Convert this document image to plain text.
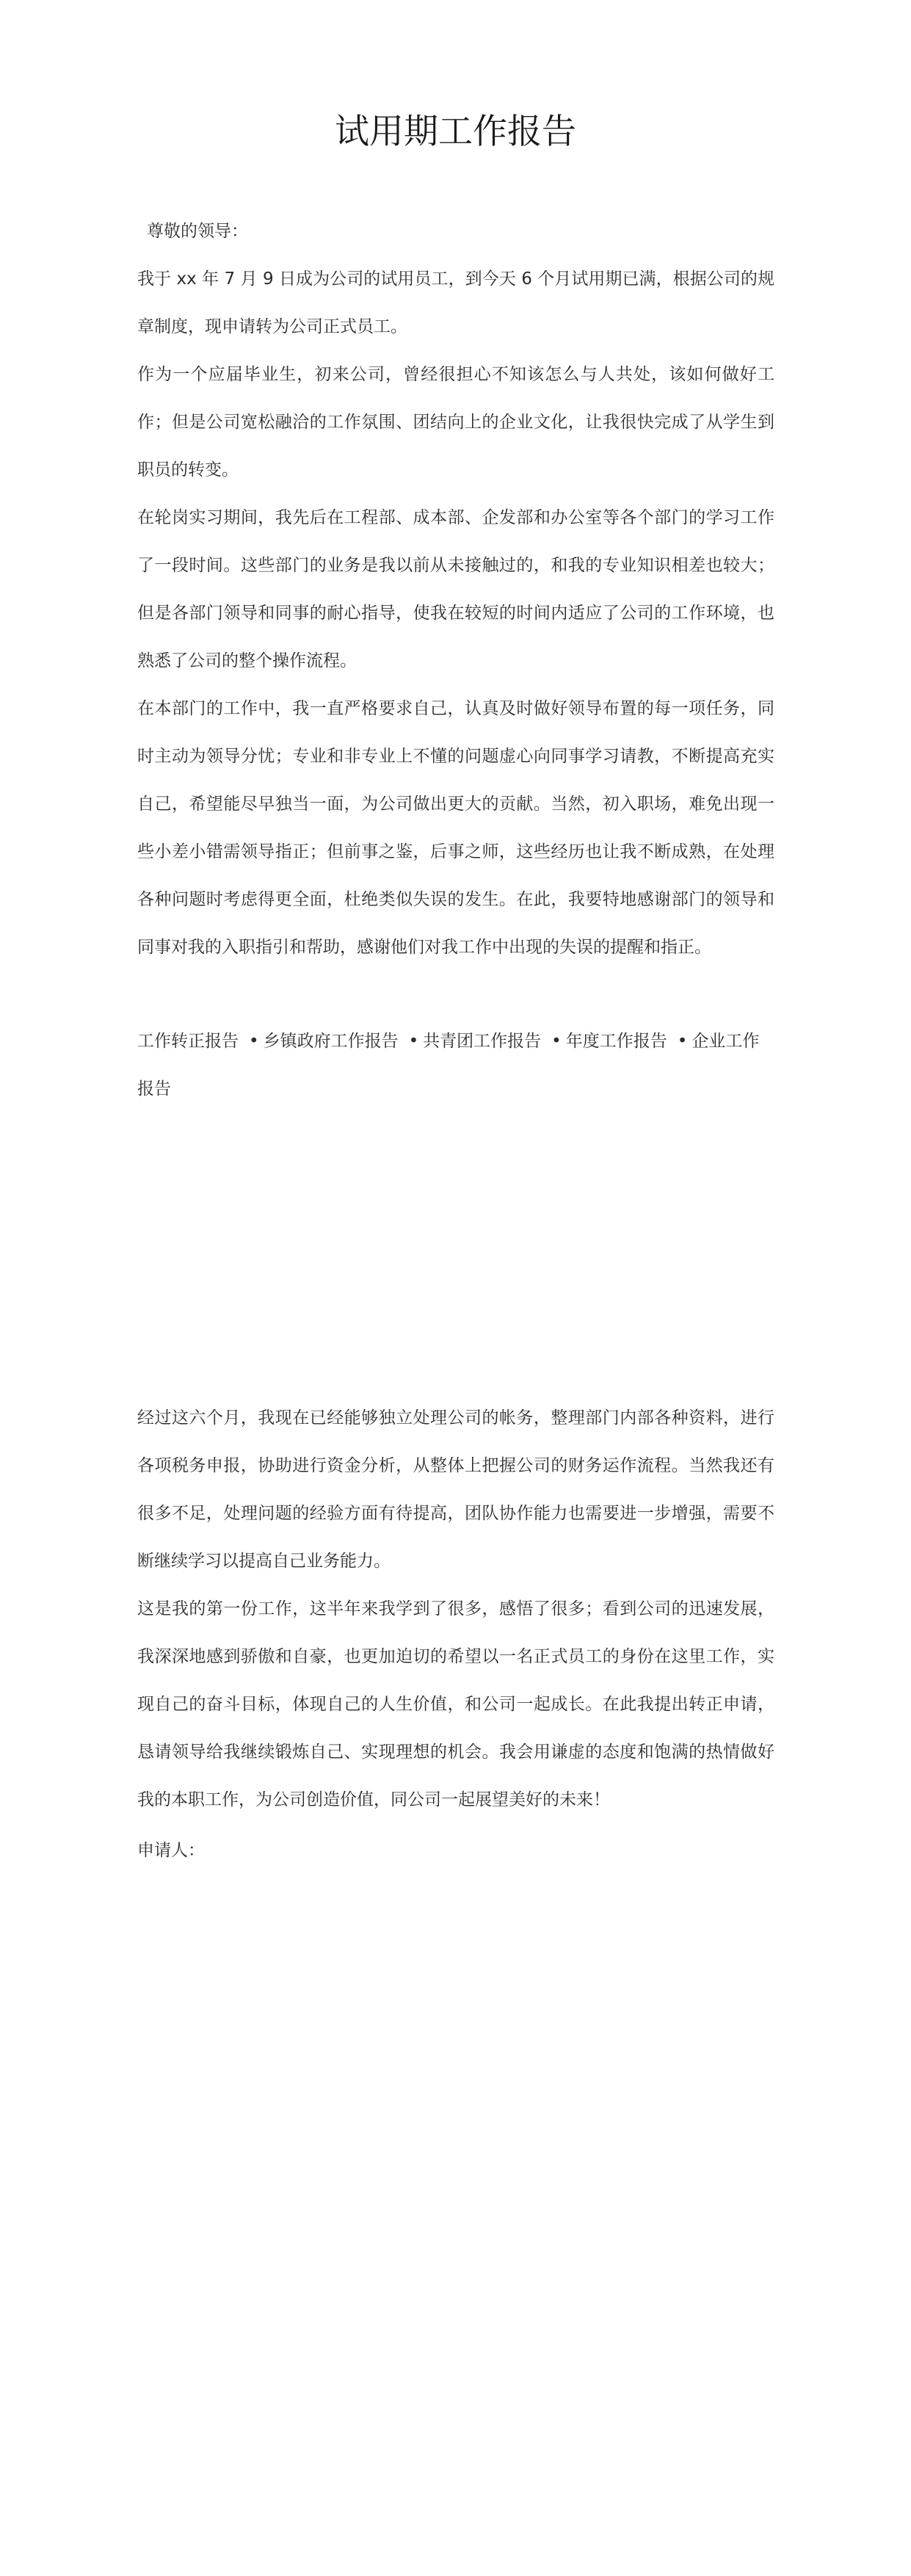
试用期工作报告
尊敬的领导：

我于 xx 年 7 月 9 日成为公司的试用员工，到今天 6 个月试用期已满，根据公司的规章制度，现申请转为公司正式员工。

作为一个应届毕业生，初来公司，曾经很担心不知该怎么与人共处，该如何做好工作；但是公司宽松融洽的工作氛围、团结向上的企业文化，让我很快完成了从学生到职员的转变。

在轮岗实习期间，我先后在工程部、成本部、企发部和办公室等各个部门的学习工作了一段时间。这些部门的业务是我以前从未接触过的，和我的专业知识相差也较大；但是各部门领导和同事的耐心指导，使我在较短的时间内适应了公司的工作环境，也熟悉了公司的整个操作流程。

在本部门的工作中，我一直严格要求自己，认真及时做好领导布置的每一项任务，同时主动为领导分忧；专业和非专业上不懂的问题虚心向同事学习请教，不断提高充实自己，希望能尽早独当一面，为公司做出更大的贡献。当然，初入职场，难免出现一些小差小错需领导指正；但前事之鉴，后事之师，这些经历也让我不断成熟，在处理各种问题时考虑得更全面，杜绝类似失误的发生。在此，我要特地感谢部门的领导和同事对我的入职指引和帮助，感谢他们对我工作中出现的失误的提醒和指正。

工作转正报告 • 乡镇政府工作报告 • 共青团工作报告 • 年度工作报告 • 企业工作报告

经过这六个月，我现在已经能够独立处理公司的帐务，整理部门内部各种资料，进行各项税务申报，协助进行资金分析，从整体上把握公司的财务运作流程。当然我还有很多不足，处理问题的经验方面有待提高，团队协作能力也需要进一步增强，需要不断继续学习以提高自己业务能力。

这是我的第一份工作，这半年来我学到了很多，感悟了很多；看到公司的迅速发展，我深深地感到骄傲和自豪，也更加迫切的希望以一名正式员工的身份在这里工作，实现自己的奋斗目标，体现自己的人生价值，和公司一起成长。在此我提出转正申请，恳请领导给我继续锻炼自己、实现理想的机会。我会用谦虚的态度和饱满的热情做好我的本职工作，为公司创造价值，同公司一起展望美好的未来！

申请人：
